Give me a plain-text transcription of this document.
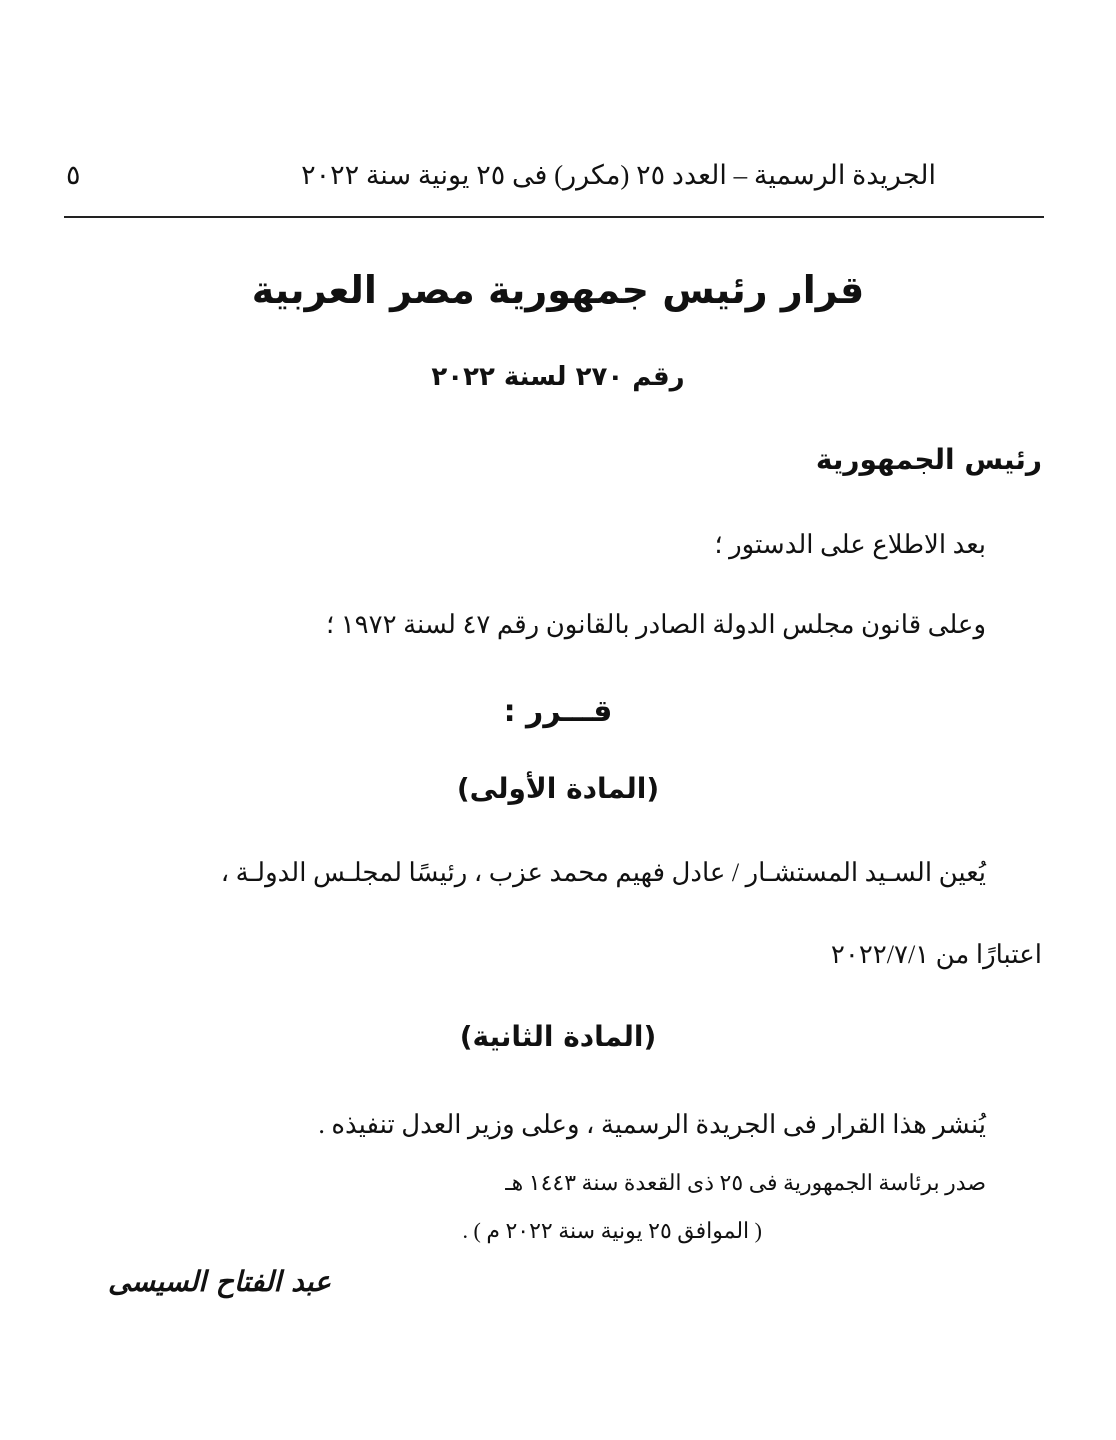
الجريدة الرسمية – العدد ٢٥ (مكرر) فى ٢٥ يونية سنة ٢٠٢٢
٥
قرار رئيس جمهورية مصر العربية
رقم ٢٧٠ لسنة ٢٠٢٢
رئيس الجمهورية
بعد الاطلاع على الدستور ؛
وعلى قانون مجلس الدولة الصادر بالقانون رقم ٤٧ لسنة ١٩٧٢ ؛
قـــرر :
(المادة الأولى)
يُعين السـيد المستشـار / عادل فهيم محمد عزب ، رئيسًا لمجلـس الدولـة ،
اعتبارًا من ٢٠٢٢/٧/١
(المادة الثانية)
يُنشر هذا القرار فى الجريدة الرسمية ، وعلى وزير العدل تنفيذه .
صدر برئاسة الجمهورية فى ٢٥ ذى القعدة سنة ١٤٤٣ هـ
( الموافق ٢٥ يونية سنة ٢٠٢٢ م ) .
عبد الفتاح السيسى
